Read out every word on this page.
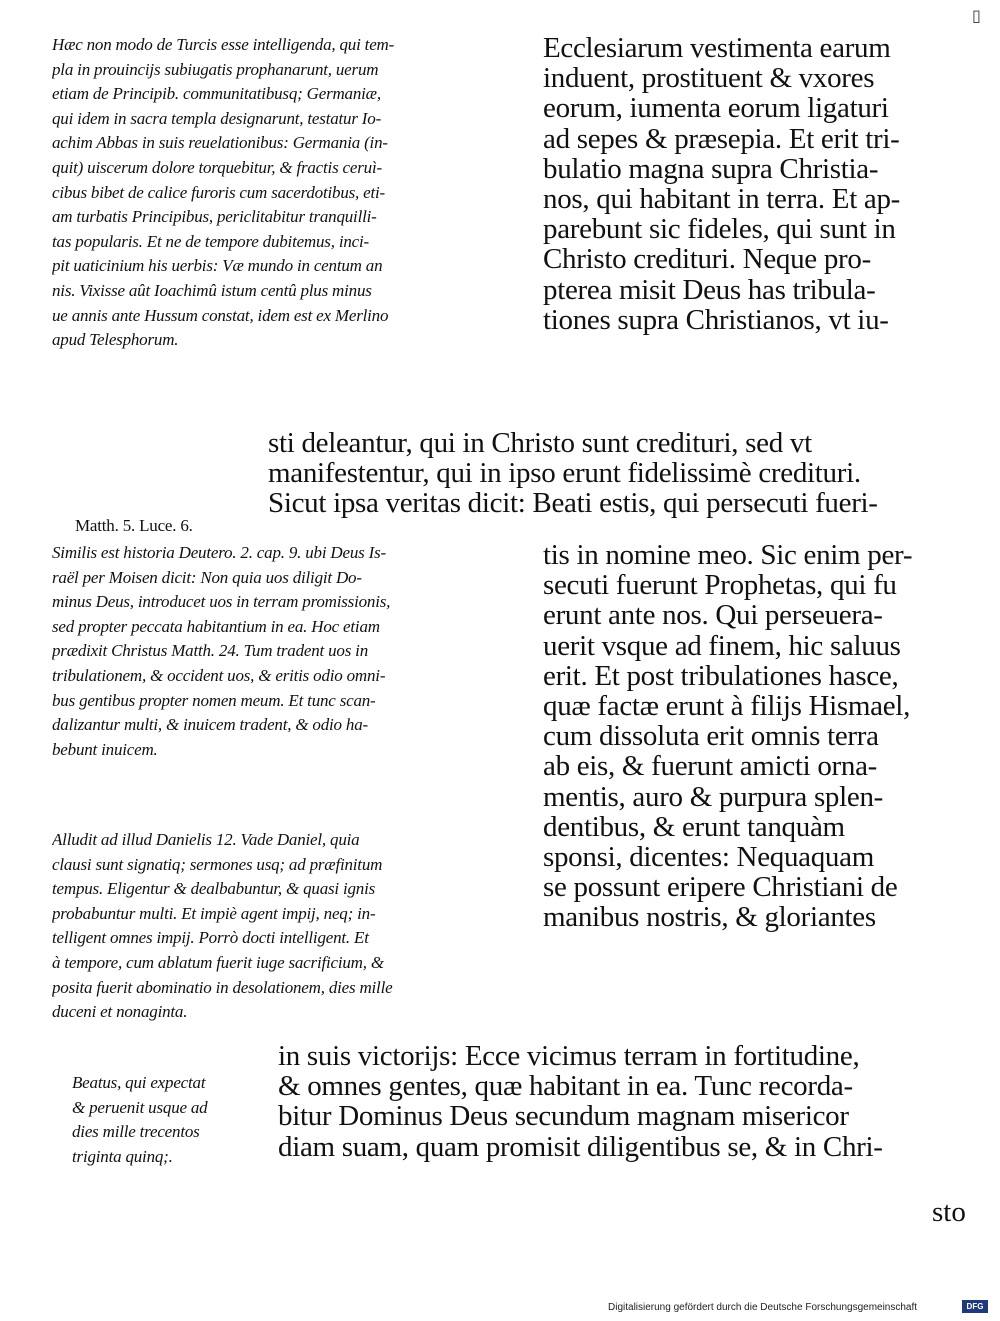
▯
Hæc non modo de Turcis esse intelligenda, qui tem-
pla in prouincijs subiugatis prophanarunt, uerum
etiam de Principib. communitatibusq; Germaniæ,
qui idem in sacra templa designarunt, testatur Io-
achim Abbas in suis reuelationibus: Germania (in-
quit) uiscerum dolore torquebitur, & fractis ceruì-
cibus bibet de calice furoris cum sacerdotibus, eti-
am turbatis Principibus, periclitabitur tranquilli-
tas popularis. Et ne de tempore dubitemus, inci-
pit uaticinium his uerbis: Væ mundo in centum an
nis. Vixisse aût Ioachimû istum centû plus minus
ue annis ante Hussum constat, idem est ex Merlino
apud Telesphorum.
Matth. 5. Luce. 6.
Similis est historia Deutero. 2. cap. 9. ubi Deus Is-
raël per Moisen dicit: Non quia uos diligit Do-
minus Deus, introducet uos in terram promissionis,
sed propter peccata habitantium in ea. Hoc etiam
prædixit Christus Matth. 24. Tum tradent uos in
tribulationem, & occident uos, & eritis odio omni-
bus gentibus propter nomen meum. Et tunc scan-
dalizantur multi, & inuicem tradent, & odio ha-
bebunt inuicem.
Alludit ad illud Danielis 12. Vade Daniel, quia
clausi sunt signatiq; sermones usq; ad præfinitum
tempus. Eligentur & dealbabuntur, & quasi ignis
probabuntur multi. Et impiè agent impij, neq; in-
telligent omnes impij. Porrò docti intelligent. Et
à tempore, cum ablatum fuerit iuge sacrificium, &
posita fuerit abominatio in desolationem, dies mille
duceni et nonaginta.
Beatus, qui expectat
& peruenit usque ad
dies mille trecentos
triginta quinq;.
Ecclesiarum vestimenta earum
induent, prostituent & vxores
eorum, iumenta eorum ligaturi
ad sepes & præsepia. Et erit tri-
bulatio magna supra Christia-
nos, qui habitant in terra. Et ap-
parebunt sic fideles, qui sunt in
Christo credituri. Neque pro-
pterea misit Deus has tribula-
tiones supra Christianos, vt iu-
sti deleantur, qui in Christo sunt credituri, sed vt
manifestentur, qui in ipso erunt fidelissimè credituri.
Sicut ipsa veritas dicit: Beati estis, qui persecuti fueri-
tis in nomine meo. Sic enim per-
secuti fuerunt Prophetas, qui fu
erunt ante nos. Qui perseuera-
uerit vsque ad finem, hic saluus
erit. Et post tribulationes hasce,
quæ factæ erunt à filijs Hismael,
cum dissoluta erit omnis terra
ab eis, & fuerunt amicti orna-
mentis, auro & purpura splen-
dentibus, & erunt tanquàm
sponsi, dicentes: Nequaquam
se possunt eripere Christiani de
manibus nostris, & gloriantes
in suis victorijs: Ecce vicimus terram in fortitudine,
& omnes gentes, quæ habitant in ea. Tunc recorda-
bitur Dominus Deus secundum magnam misericor
diam suam, quam promisit diligentibus se, & in Chri-
sto
Digitalisierung gefördert durch die Deutsche Forschungsgemeinschaft	DFG
